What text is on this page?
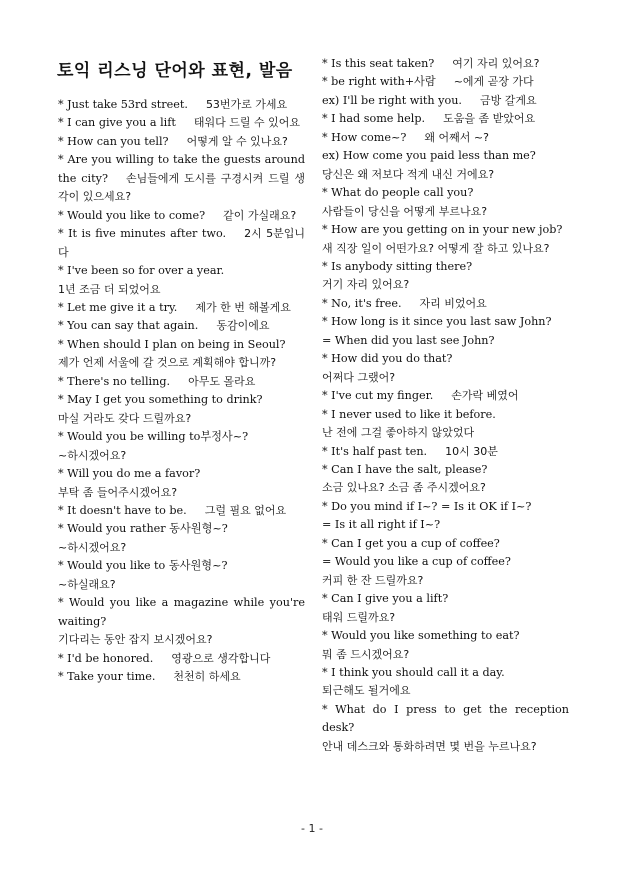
토익 리스닝 단어와 표현, 발음
* Just take 53rd street. 53번가로 가세요
* I can give you a lift 태워다 드릴 수 있어요
* How can you tell? 어떻게 알 수 있나요?
* Are you willing to take the guests around the city? 손님들에게 도시를 구경시켜 드릴 생각이 있으세요?
* Would you like to come? 같이 가실래요?
* It is five minutes after two. 2시 5분입니다
* I've been so for over a year.
1년 조금 더 되었어요
* Let me give it a try. 제가 한 번 해볼게요
* You can say that again. 동감이에요
* When should I plan on being in Seoul?
제가 언제 서울에 갈 것으로 계획해야 합니까?
* There's no telling. 아무도 몰라요
* May I get you something to drink?
마실 거라도 갖다 드릴까요?
* Would you be willing to부정사~?
~하시겠어요?
* Will you do me a favor?
부탁 좀 들어주시겠어요?
* It doesn't have to be. 그럴 필요 없어요
* Would you rather 동사원형~?
~하시겠어요?
* Would you like to 동사원형~?
~하실래요?
* Would you like a magazine while you're waiting?
기다리는 동안 잡지 보시겠어요?
* I'd be honored. 영광으로 생각합니다
* Take your time. 천천히 하세요
* Is this seat taken? 여기 자리 있어요?
* be right with+사람 ~에게 곧장 가다
ex) I'll be right with you. 금방 갈게요
* I had some help. 도움을 좀 받았어요
* How come~? 왜 어째서 ~?
ex) How come you paid less than me?
당신은 왜 저보다 적게 내신 거에요?
* What do people call you?
사람들이 당신을 어떻게 부르나요?
* How are you getting on in your new job?
새 직장 일이 어떤가요? 어떻게 잘 하고 있나요?
* Is anybody sitting there?
거기 자리 있어요?
* No, it's free. 자리 비었어요
* How long is it since you last saw John?
= When did you last see John?
* How did you do that?
어쩌다 그랬어?
* I've cut my finger. 손가락 베였어
* I never used to like it before.
난 전에 그걸 좋아하지 않았었다
* It's half past ten. 10시 30분
* Can I have the salt, please?
소금 있나요? 소금 좀 주시겠어요?
* Do you mind if I~? = Is it OK if I~?
= Is it all right if I~?
* Can I get you a cup of coffee?
= Would you like a cup of coffee?
커피 한 잔 드릴까요?
* Can I give you a lift?
태워 드릴까요?
* Would you like something to eat?
뭐 좀 드시겠어요?
* I think you should call it a day.
퇴근해도 될거에요
* What do I press to get the reception desk?
안내 데스크와 통화하려면 몇 번을 누르나요?
- 1 -
